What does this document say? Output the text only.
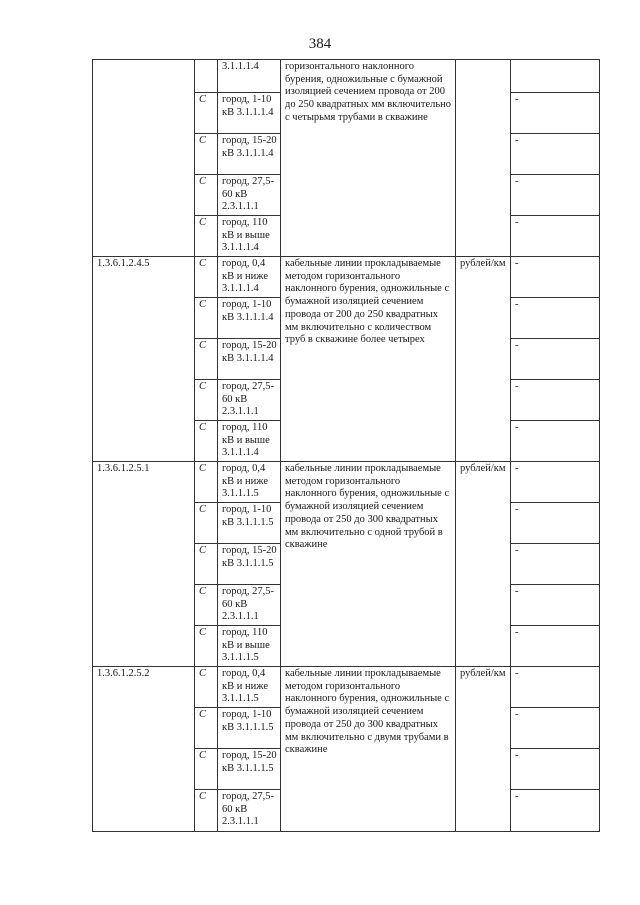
384
		3.1.1.1.4	горизонтального наклонного бурения, одножильные с бумажной изоляцией сечением провода от 200 до 250 квадратных мм включительно с четырьмя трубами в скважине		
	С	город, 1-10 кВ 3.1.1.1.4			-
	С	город, 15-20 кВ 3.1.1.1.4			-
	С	город, 27,5-60 кВ 2.3.1.1.1			-
	С	город, 110 кВ и выше 3.1.1.1.4			-
1.3.6.1.2.4.5	С	город, 0,4 кВ и ниже 3.1.1.1.4	кабельные линии прокладываемые методом горизонтального наклонного бурения, одножильные с бумажной изоляцией сечением провода от 200 до 250 квадратных мм включительно с количеством труб в скважине более четырех	рублей/км	-
	С	город, 1-10 кВ 3.1.1.1.4			-
	С	город, 15-20 кВ 3.1.1.1.4			-
	С	город, 27,5-60 кВ 2.3.1.1.1			-
	С	город, 110 кВ и выше 3.1.1.1.4			-
1.3.6.1.2.5.1	С	город, 0,4 кВ и ниже 3.1.1.1.5	кабельные линии прокладываемые методом горизонтального наклонного бурения, одножильные с бумажной изоляцией сечением провода от 250 до 300 квадратных мм включительно с одной трубой в скважине	рублей/км	-
	С	город, 1-10 кВ 3.1.1.1.5			-
	С	город, 15-20 кВ 3.1.1.1.5			-
	С	город, 27,5-60 кВ 2.3.1.1.1			-
	С	город, 110 кВ и выше 3.1.1.1.5			-
1.3.6.1.2.5.2	С	город, 0,4 кВ и ниже 3.1.1.1.5	кабельные линии прокладываемые методом горизонтального наклонного бурения, одножильные с бумажной изоляцией сечением провода от 250 до 300 квадратных мм включительно с двумя трубами в скважине	рублей/км	-
	С	город, 1-10 кВ 3.1.1.1.5			-
	С	город, 15-20 кВ 3.1.1.1.5			-
	С	город, 27,5-60 кВ 2.3.1.1.1			-
